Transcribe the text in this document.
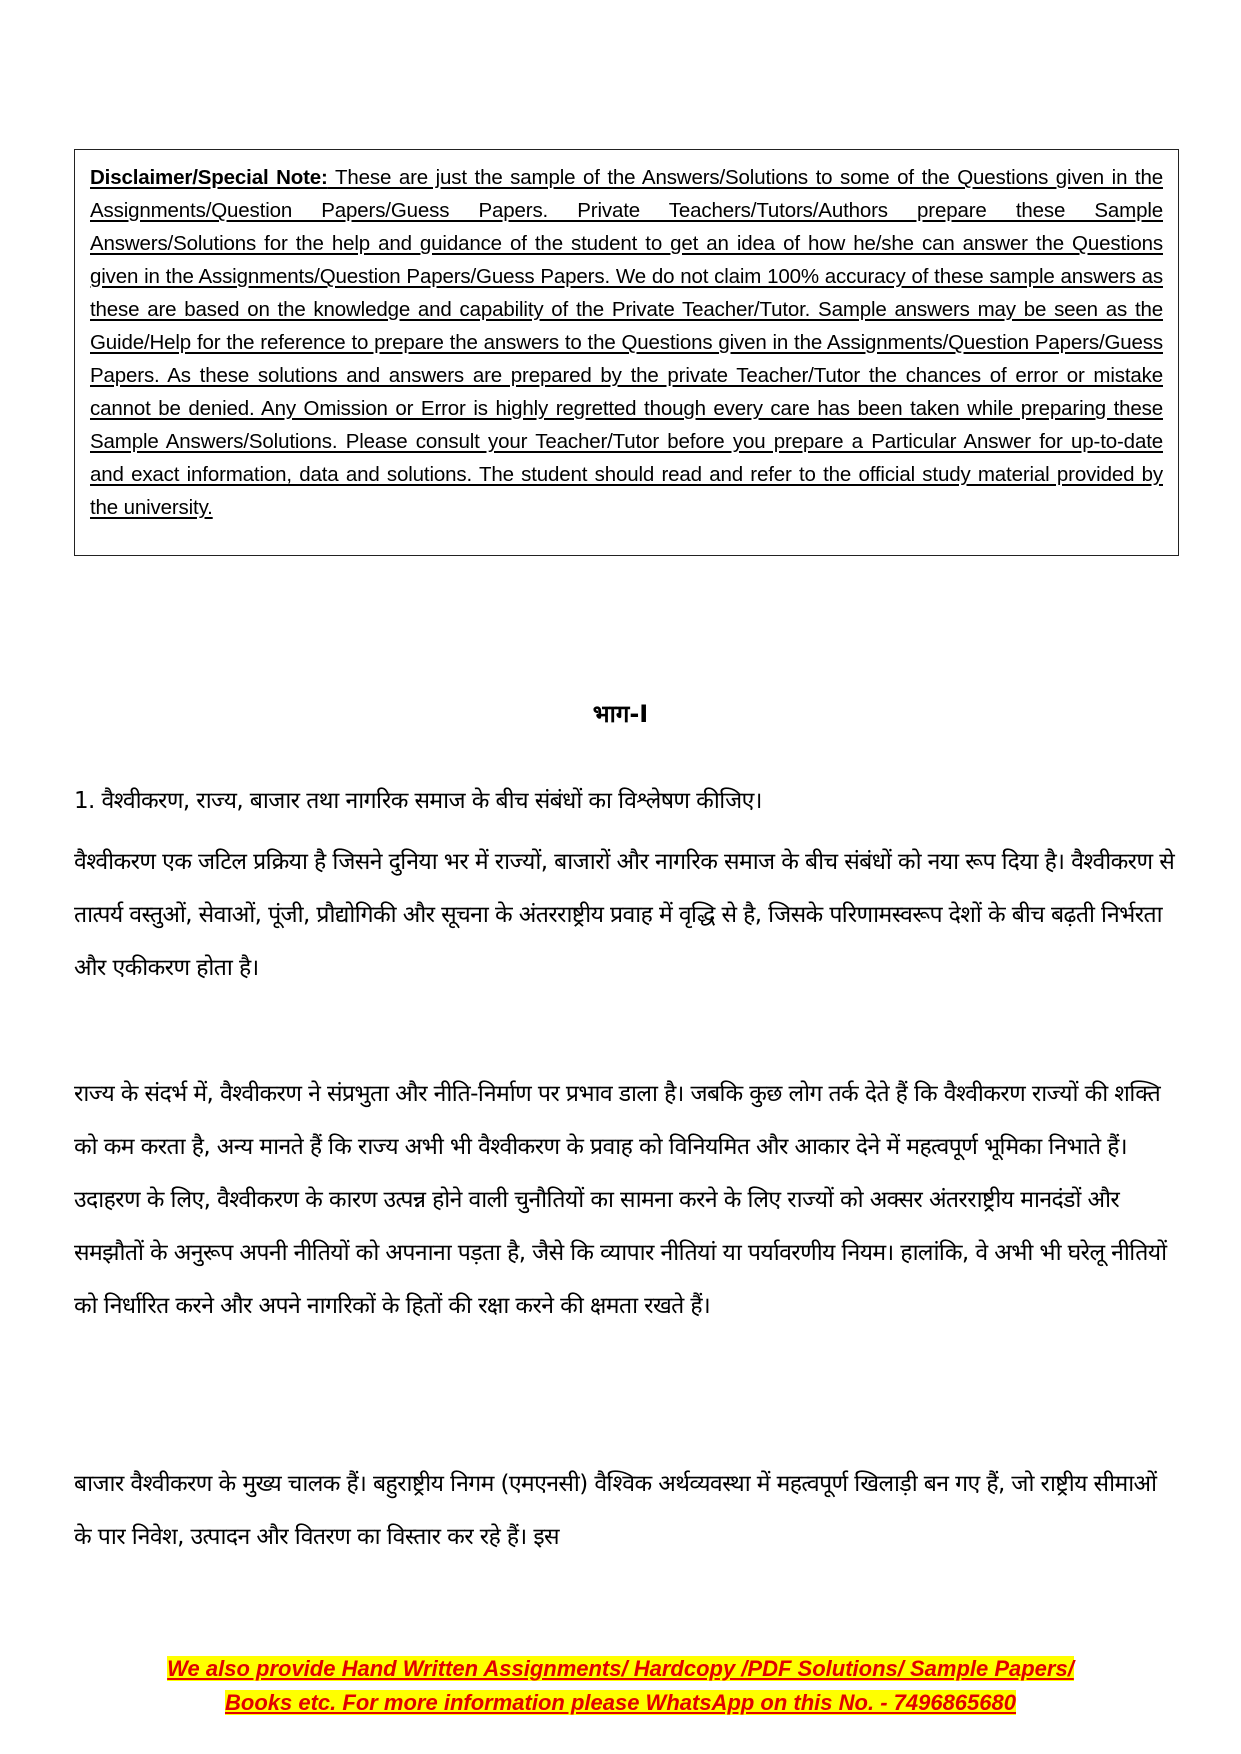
Disclaimer/Special Note: These are just the sample of the Answers/Solutions to some of the Questions given in the Assignments/Question Papers/Guess Papers. Private Teachers/Tutors/Authors prepare these Sample Answers/Solutions for the help and guidance of the student to get an idea of how he/she can answer the Questions given in the Assignments/Question Papers/Guess Papers. We do not claim 100% accuracy of these sample answers as these are based on the knowledge and capability of the Private Teacher/Tutor. Sample answers may be seen as the Guide/Help for the reference to prepare the answers to the Questions given in the Assignments/Question Papers/Guess Papers. As these solutions and answers are prepared by the private Teacher/Tutor the chances of error or mistake cannot be denied. Any Omission or Error is highly regretted though every care has been taken while preparing these Sample Answers/Solutions. Please consult your Teacher/Tutor before you prepare a Particular Answer for up-to-date and exact information, data and solutions. The student should read and refer to the official study material provided by the university.

भाग-I

1. वैश्वीकरण, राज्य, बाजार तथा नागरिक समाज के बीच संबंधों का विश्लेषण कीजिए।

वैश्वीकरण एक जटिल प्रक्रिया है जिसने दुनिया भर में राज्यों, बाजारों और नागरिक समाज के बीच संबंधों को नया रूप दिया है। वैश्वीकरण से तात्पर्य वस्तुओं, सेवाओं, पूंजी, प्रौद्योगिकी और सूचना के अंतरराष्ट्रीय प्रवाह में वृद्धि से है, जिसके परिणामस्वरूप देशों के बीच बढ़ती निर्भरता और एकीकरण होता है।

राज्य के संदर्भ में, वैश्वीकरण ने संप्रभुता और नीति-निर्माण पर प्रभाव डाला है। जबकि कुछ लोग तर्क देते हैं कि वैश्वीकरण राज्यों की शक्ति को कम करता है, अन्य मानते हैं कि राज्य अभी भी वैश्वीकरण के प्रवाह को विनियमित और आकार देने में महत्वपूर्ण भूमिका निभाते हैं। उदाहरण के लिए, वैश्वीकरण के कारण उत्पन्न होने वाली चुनौतियों का सामना करने के लिए राज्यों को अक्सर अंतरराष्ट्रीय मानदंडों और समझौतों के अनुरूप अपनी नीतियों को अपनाना पड़ता है, जैसे कि व्यापार नीतियां या पर्यावरणीय नियम। हालांकि, वे अभी भी घरेलू नीतियों को निर्धारित करने और अपने नागरिकों के हितों की रक्षा करने की क्षमता रखते हैं।

बाजार वैश्वीकरण के मुख्य चालक हैं। बहुराष्ट्रीय निगम (एमएनसी) वैश्विक अर्थव्यवस्था में महत्वपूर्ण खिलाड़ी बन गए हैं, जो राष्ट्रीय सीमाओं के पार निवेश, उत्पादन और वितरण का विस्तार कर रहे हैं। इस

We also provide Hand Written Assignments/ Hardcopy /PDF Solutions/ Sample Papers/
Books etc. For more information please WhatsApp on this No. - 7496865680
